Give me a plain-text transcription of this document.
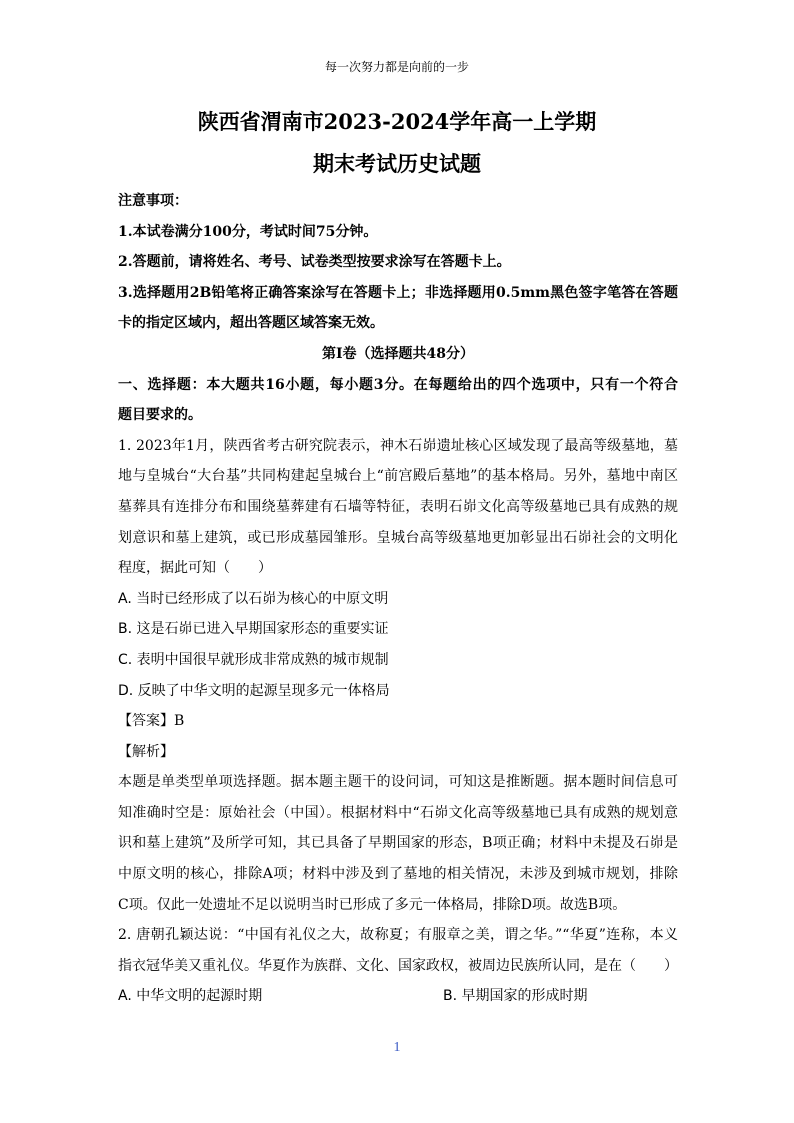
每一次努力都是向前的一步
陕西省渭南市2023-2024学年高一上学期
期末考试历史试题
注意事项：
1.本试卷满分100分，考试时间75分钟。
2.答题前，请将姓名、考号、试卷类型按要求涂写在答题卡上。
3.选择题用2B铅笔将正确答案涂写在答题卡上；非选择题用0.5mm黑色签字笔答在答题
卡的指定区域内，超出答题区域答案无效。
第Ⅰ卷（选择题共48分）
一、选择题：本大题共16小题，每小题3分。在每题给出的四个选项中，只有一个符合
题目要求的。
1. 2023年1月，陕西省考古研究院表示，神木石峁遗址核心区域发现了最高等级墓地，墓
地与皇城台“大台基”共同构建起皇城台上“前宫殿后墓地”的基本格局。另外，墓地中南区
墓葬具有连排分布和围绕墓葬建有石墙等特征，表明石峁文化高等级墓地已具有成熟的规
划意识和墓上建筑，或已形成墓园雏形。皇城台高等级墓地更加彰显出石峁社会的文明化
程度，据此可知（　　）
A. 当时已经形成了以石峁为核心的中原文明
B. 这是石峁已进入早期国家形态的重要实证
C. 表明中国很早就形成非常成熟的城市规制
D. 反映了中华文明的起源呈现多元一体格局
【答案】B
【解析】
本题是单类型单项选择题。据本题主题干的设问词，可知这是推断题。据本题时间信息可
知准确时空是：原始社会（中国）。根据材料中“石峁文化高等级墓地已具有成熟的规划意
识和墓上建筑”及所学可知，其已具备了早期国家的形态，B项正确；材料中未提及石峁是
中原文明的核心，排除A项；材料中涉及到了墓地的相关情况，未涉及到城市规划，排除
C项。仅此一处遗址不足以说明当时已形成了多元一体格局，排除D项。故选B项。
2. 唐朝孔颖达说：“中国有礼仪之大，故称夏；有服章之美，谓之华。”“华夏”连称，本义
指衣冠华美又重礼仪。华夏作为族群、文化、国家政权，被周边民族所认同，是在（　　）
A. 中华文明的起源时期	B. 早期国家的形成时期
1
